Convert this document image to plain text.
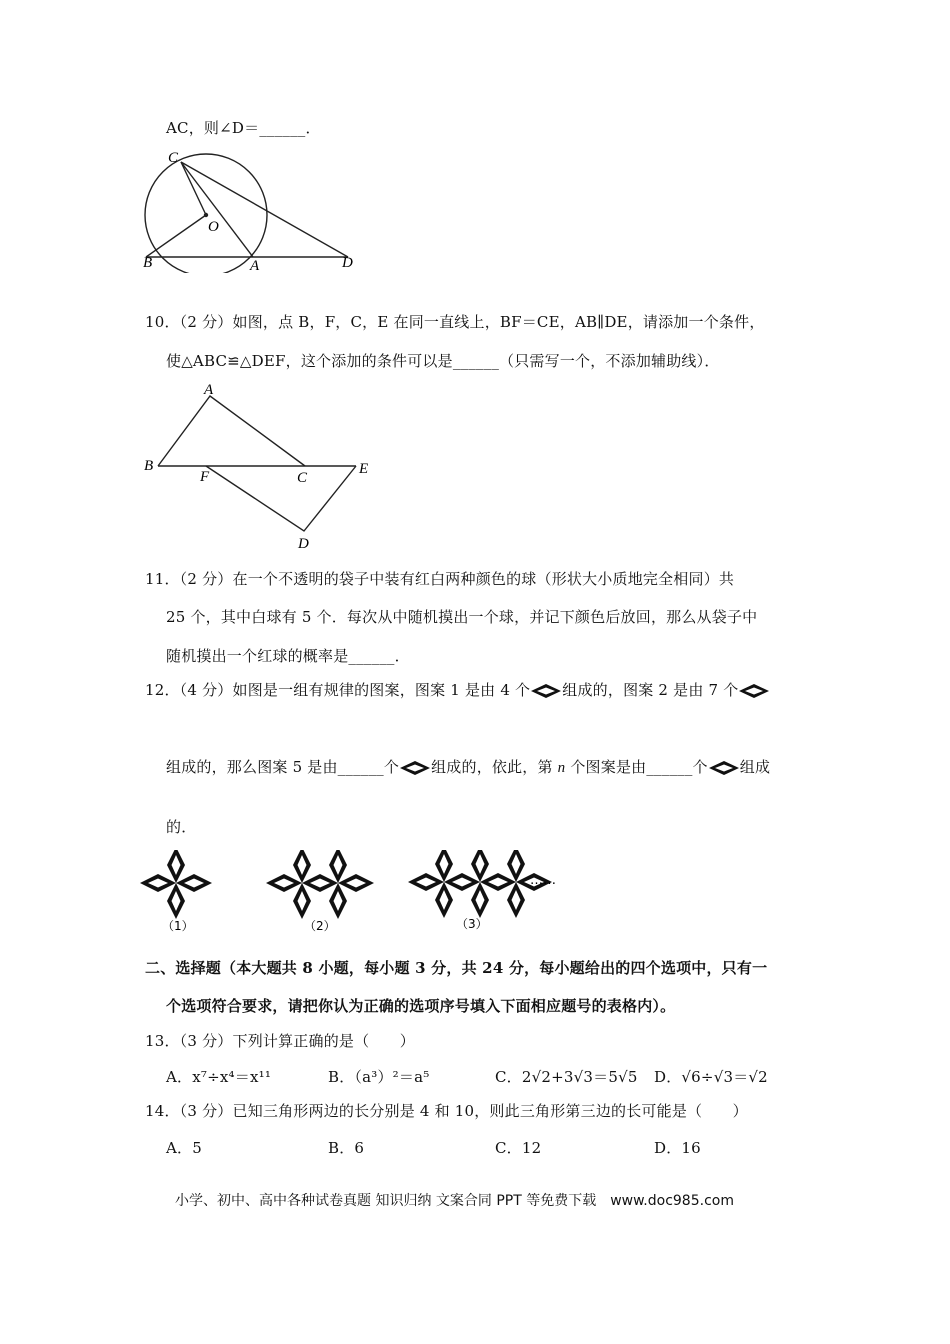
AC，则∠D＝______．
C
O
B	A	D
10．（2 分）如图，点 B，F，C，E 在同一直线上，BF＝CE，AB∥DE，请添加一个条件，
使△ABC≌△DEF，这个添加的条件可以是______（只需写一个，不添加辅助线）．
A
B
F	C
E
D
11．（2 分）在一个不透明的袋子中装有红白两种颜色的球（形状大小质地完全相同）共
25 个，其中白球有 5 个．每次从中随机摸出一个球，并记下颜色后放回，那么从袋子中
随机摸出一个红球的概率是______．
12．（4 分）如图是一组有规律的图案，图案 1 是由 4 个 组成的，图案 2 是由 7 个
组成的，那么图案 5 是由______个 组成的，依此，第 n 个图案是由______个 组成
的．
……
（1）	（2）	（3）
二、选择题（本大题共 8 小题，每小题 3 分，共 24 分，每小题给出的四个选项中，只有一
个选项符合要求，请把你认为正确的选项序号填入下面相应题号的表格内）。
13．（3 分）下列计算正确的是（　　）
A．x⁷÷x⁴＝x¹¹	B．（a³）²＝a⁵	C．2√2+3√3＝5√5 D．√6÷√3＝√2
14．（3 分）已知三角形两边的长分别是 4 和 10，则此三角形第三边的长可能是（　　）
A．5	B．6	C．12	D．16
小学、初中、高中各种试卷真题 知识归纳 文案合同 PPT 等免费下载　www.doc985.com
